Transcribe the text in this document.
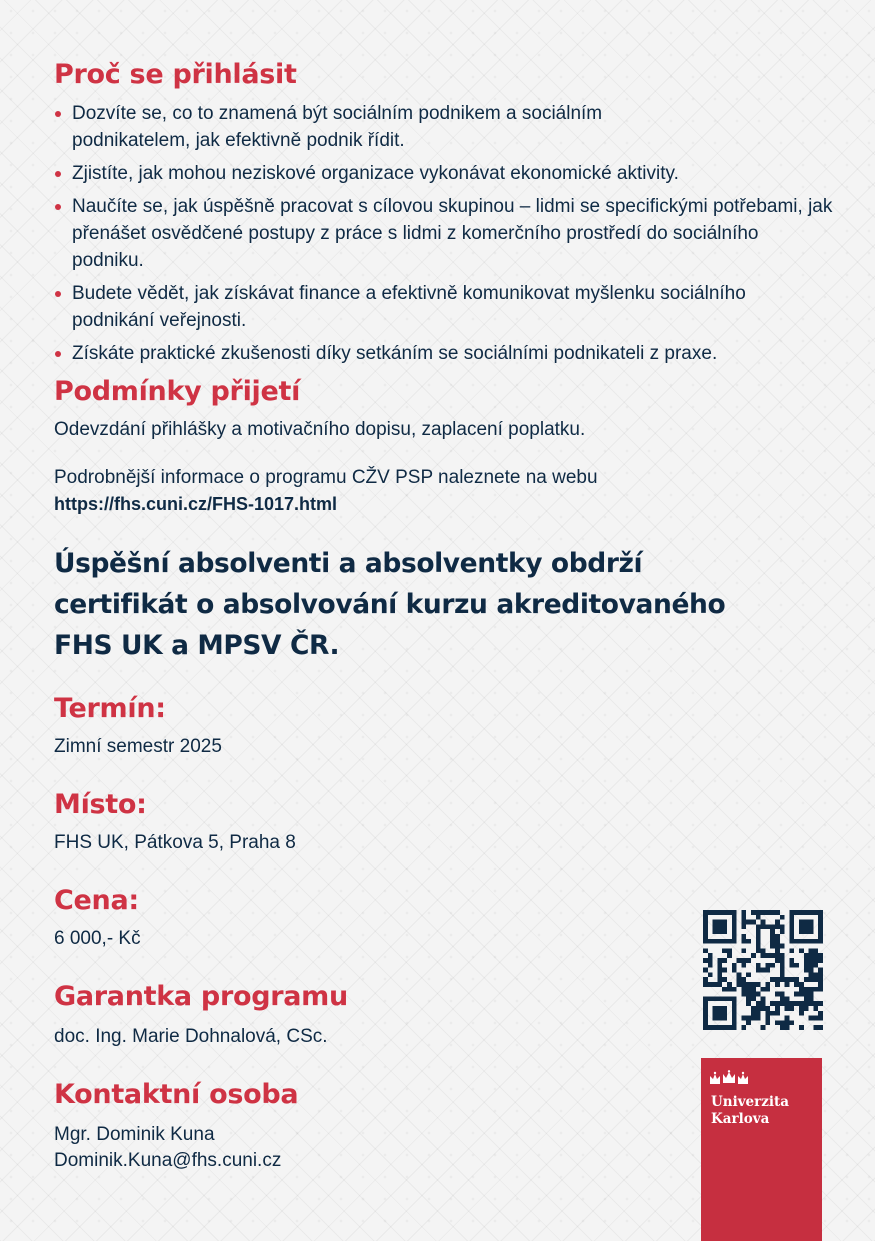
Proč se přihlásit
Dozvíte se, co to znamená být sociálním podnikem a sociálním podnikatelem, jak efektivně podnik řídit.
Zjistíte, jak mohou neziskové organizace vykonávat ekonomické aktivity.
Naučíte se, jak úspěšně pracovat s cílovou skupinou – lidmi se specifickými potřebami, jak přenášet osvědčené postupy z práce s lidmi z komerčního prostředí do sociálního podniku.
Budete vědět, jak získávat finance a efektivně komunikovat myšlenku sociálního podnikání veřejnosti.
Získáte praktické zkušenosti díky setkáním se sociálními podnikateli z praxe.
Podmínky přijetí

Odevzdání přihlášky a motivačního dopisu, zaplacení poplatku.

Podrobnější informace o programu CŽV PSP naleznete na webu

https://fhs.cuni.cz/FHS-1017.html

Úspěšní absolventi a absolventky obdrží

certifikát o absolvování kurzu akreditovaného

FHS UK a MPSV ČR.

Termín:

Zimní semestr 2025

Místo:

FHS UK, Pátkova 5, Praha 8

Cena:

6 000,- Kč

Garantka programu

doc. Ing. Marie Dohnalová, CSc.

Kontaktní osoba

Mgr. Dominik Kuna

Dominik.Kuna@fhs.cuni.cz

Univerzita
Karlova
